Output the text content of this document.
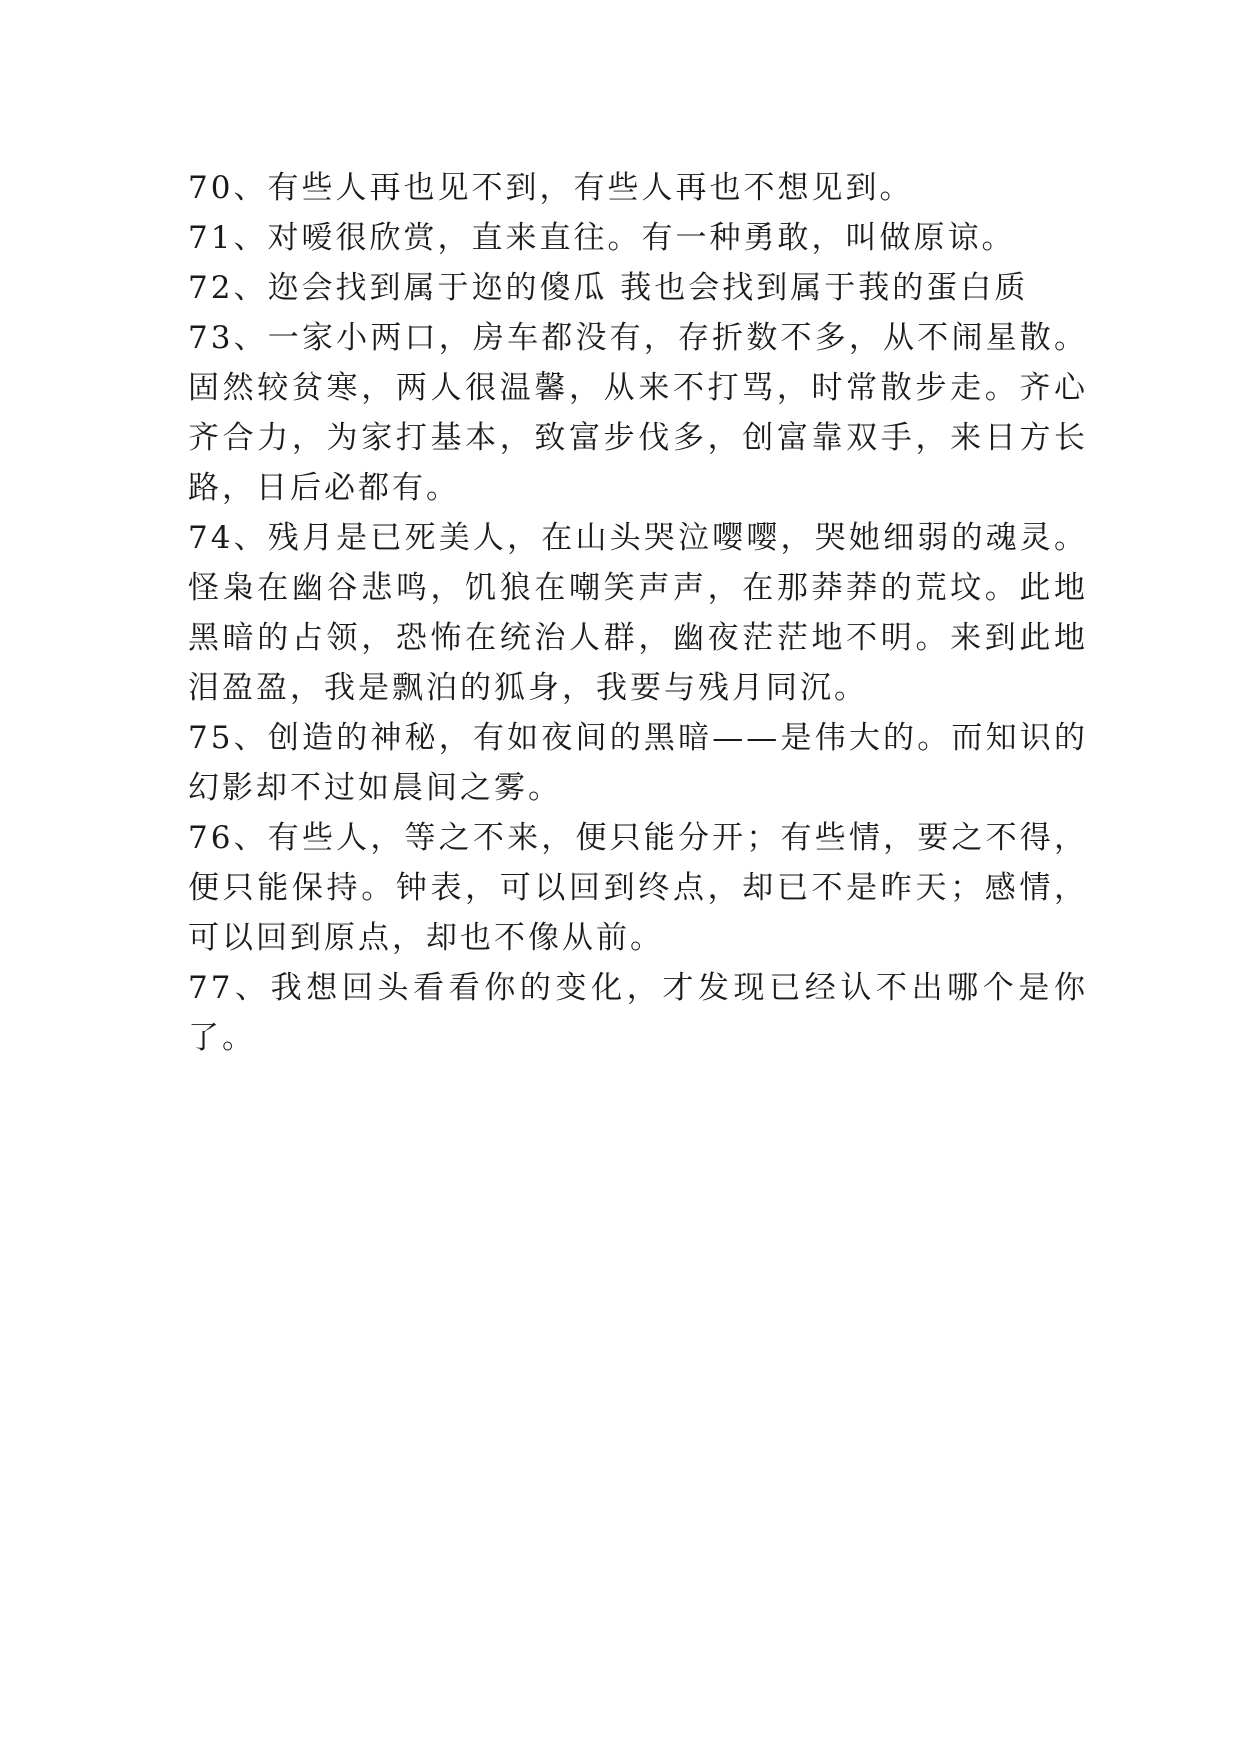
70、有些人再也见不到，有些人再也不想见到。

71、对嗳很欣赏，直来直往。有一种勇敢，叫做原谅。

72、迩会找到属于迩的傻瓜 莪也会找到属于莪的蛋白质

73、一家小两口，房车都没有，存折数不多，从不闹星散。固然较贫寒，两人很温馨，从来不打骂，时常散步走。齐心齐合力，为家打基本，致富步伐多，创富靠双手，来日方长路，日后必都有。

74、残月是已死美人，在山头哭泣嘤嘤，哭她细弱的魂灵。怪枭在幽谷悲鸣，饥狼在嘲笑声声，在那莽莽的荒坟。此地黑暗的占领，恐怖在统治人群，幽夜茫茫地不明。来到此地泪盈盈，我是飘泊的狐身，我要与残月同沉。

75、创造的神秘，有如夜间的黑暗——是伟大的。而知识的幻影却不过如晨间之雾。

76、有些人，等之不来，便只能分开；有些情，要之不得，便只能保持。钟表，可以回到终点，却已不是昨天；感情，可以回到原点，却也不像从前。

77、我想回头看看你的变化，才发现已经认不出哪个是你了。
